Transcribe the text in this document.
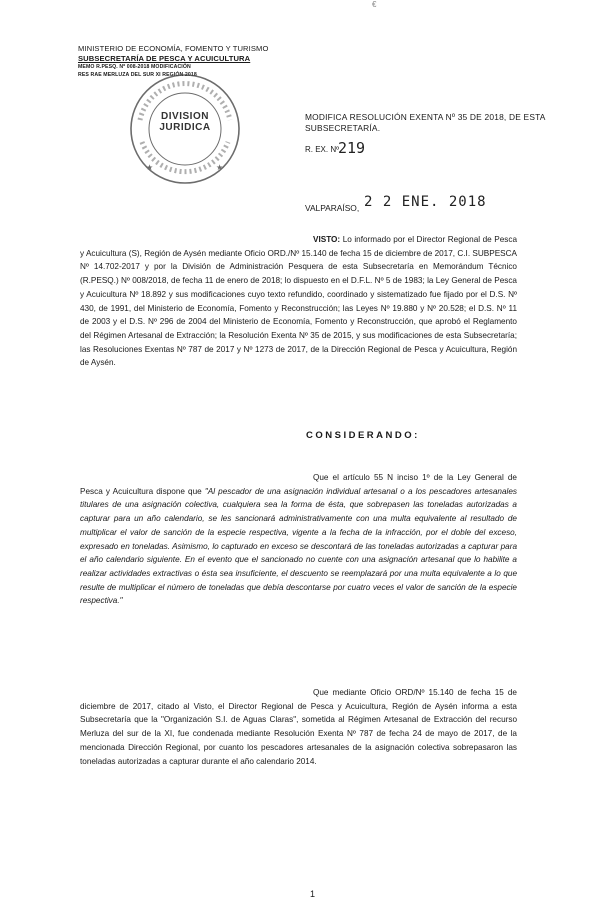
€
MINISTERIO DE ECONOMÍA, FOMENTO Y TURISMO
SUBSECRETARÍA DE PESCA Y ACUICULTURA
MEMO R.PESQ. Nº 008-2018 MODIFICACIÓN
RES RAE MERLUZA DEL SUR XI REGIÓN 2018
★	★
DIVISION
JURIDICA
MODIFICA RESOLUCIÓN EXENTA Nº 35 DE 2018, DE ESTA SUBSECRETARÍA.
R. EX. Nº
219
VALPARAÍSO, 2 2 ENE. 2018
VISTO: Lo informado por el Director Regional de Pesca y Acuicultura (S), Región de Aysén mediante Oficio ORD./Nº 15.140 de fecha 15 de diciembre de 2017, C.I. SUBPESCA Nº 14.702-2017 y por la División de Administración Pesquera de esta Subsecretaría en Memorándum Técnico (R.PESQ.) Nº 008/2018, de fecha 11 de enero de 2018; lo dispuesto en el D.F.L. Nº 5 de 1983; la Ley General de Pesca y Acuicultura Nº 18.892 y sus modificaciones cuyo texto refundido, coordinado y sistematizado fue fijado por el D.S. Nº 430, de 1991, del Ministerio de Economía, Fomento y Reconstrucción; las Leyes Nº 19.880 y Nº 20.528; el D.S. Nº 11 de 2003 y el D.S. Nº 296 de 2004 del Ministerio de Economía, Fomento y Reconstrucción, que aprobó el Reglamento del Régimen Artesanal de Extracción; la Resolución Exenta Nº 35 de 2015, y sus modificaciones de esta Subsecretaría; las Resoluciones Exentas Nº 787 de 2017 y Nº 1273 de 2017, de la Dirección Regional de Pesca y Acuicultura, Región de Aysén.
CONSIDERANDO:
Que el artículo 55 N inciso 1º de la Ley General de Pesca y Acuicultura dispone que "Al pescador de una asignación individual artesanal o a los pescadores artesanales titulares de una asignación colectiva, cualquiera sea la forma de ésta, que sobrepasen las toneladas autorizadas a capturar para un año calendario, se les sancionará administrativamente con una multa equivalente al resultado de multiplicar el valor de sanción de la especie respectiva, vigente a la fecha de la infracción, por el doble del exceso, expresado en toneladas. Asimismo, lo capturado en exceso se descontará de las toneladas autorizadas a capturar para el año calendario siguiente. En el evento que el sancionado no cuente con una asignación artesanal que lo habilite a realizar actividades extractivas o ésta sea insuficiente, el descuento se reemplazará por una multa equivalente a lo que resulte de multiplicar el número de toneladas que debía descontarse por cuatro veces el valor de sanción de la especie respectiva."
Que mediante Oficio ORD/Nº 15.140 de fecha 15 de diciembre de 2017, citado al Visto, el Director Regional de Pesca y Acuicultura, Región de Aysén informa a esta Subsecretaría que la "Organización S.I. de Aguas Claras", sometida al Régimen Artesanal de Extracción del recurso Merluza del sur de la XI, fue condenada mediante Resolución Exenta Nº 787 de fecha 24 de mayo de 2017, de la mencionada Dirección Regional, por cuanto los pescadores artesanales de la asignación colectiva sobrepasaron las toneladas autorizadas a capturar durante el año calendario 2014.
1
